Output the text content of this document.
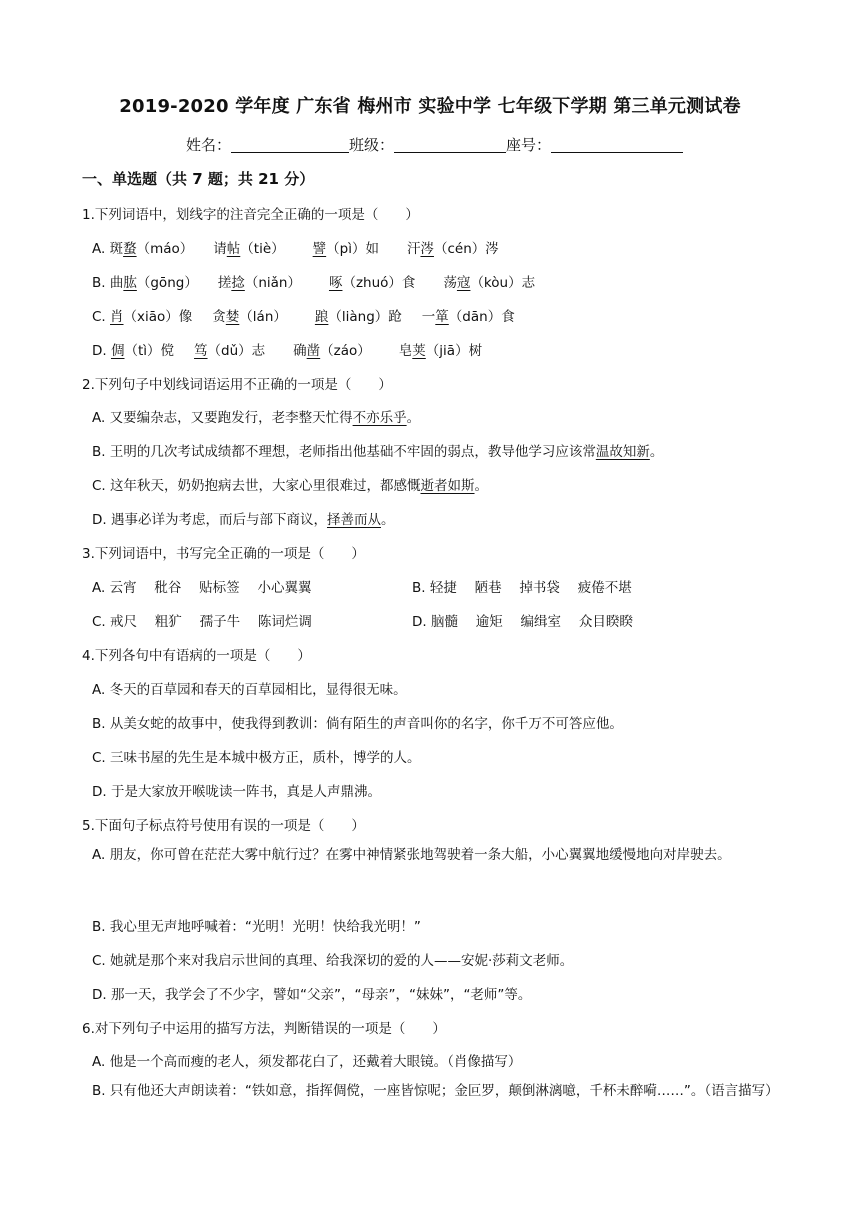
2019-2020 学年度 广东省 梅州市 实验中学 七年级下学期 第三单元测试卷
姓名：	班级：	座号：
一、单选题（共 7 题；共 21 分）
1.下列词语中，划线字的注音完全正确的一项是（　　）
A. 斑蝥（máo） 请帖（tiè） 譬（pì）如 汗涔（cén）涔
B. 曲肱（gōng） 搓捻（niǎn） 啄（zhuó）食 荡寇（kòu）志
C. 肖（xiāo）像 贪婪（lán） 踉（liàng）跄 一箪（dān）食
D. 倜（tì）傥 笃（dǔ）志 确凿（záo） 皂荚（jiā）树
2.下列句子中划线词语运用不正确的一项是（　　）
A. 又要编杂志，又要跑发行，老李整天忙得不亦乐乎。
B. 王明的几次考试成绩都不理想，老师指出他基础不牢固的弱点，教导他学习应该常温故知新。
C. 这年秋天，奶奶抱病去世，大家心里很难过，都感慨逝者如斯。
D. 遇事必详为考虑，而后与部下商议，择善而从。
3.下列词语中，书写完全正确的一项是（　　）
A. 云宵　 秕谷　 贴标签　 小心翼翼	B. 轻捷　 陋巷　 掉书袋　 疲倦不堪
C. 戒尺　 粗犷　 孺子牛　 陈词烂调	D. 脑髓　 逾矩　 编缉室　 众目睽睽
4.下列各句中有语病的一项是（　　）
A. 冬天的百草园和春天的百草园相比，显得很无味。
B. 从美女蛇的故事中，使我得到教训：倘有陌生的声音叫你的名字，你千万不可答应他。
C. 三味书屋的先生是本城中极方正，质朴，博学的人。
D. 于是大家放开喉咙读一阵书，真是人声鼎沸。
5.下面句子标点符号使用有误的一项是（　　）
A. 朋友，你可曾在茫茫大雾中航行过？在雾中神情紧张地驾驶着一条大船，小心翼翼地缓慢地向对岸驶去。
B. 我心里无声地呼喊着：“光明！光明！快给我光明！”
C. 她就是那个来对我启示世间的真理、给我深切的爱的人——安妮·莎莉文老师。
D. 那一天，我学会了不少字，譬如“父亲”，“母亲”，“妹妹”，“老师”等。
6.对下列句子中运用的描写方法，判断错误的一项是（　　）
A. 他是一个高而瘦的老人，须发都花白了，还戴着大眼镜。（肖像描写）
B. 只有他还大声朗读着：“铁如意，指挥倜傥，一座皆惊呢；金叵罗，颠倒淋漓噫，千杯未醉嗬……”。（语言描写）
